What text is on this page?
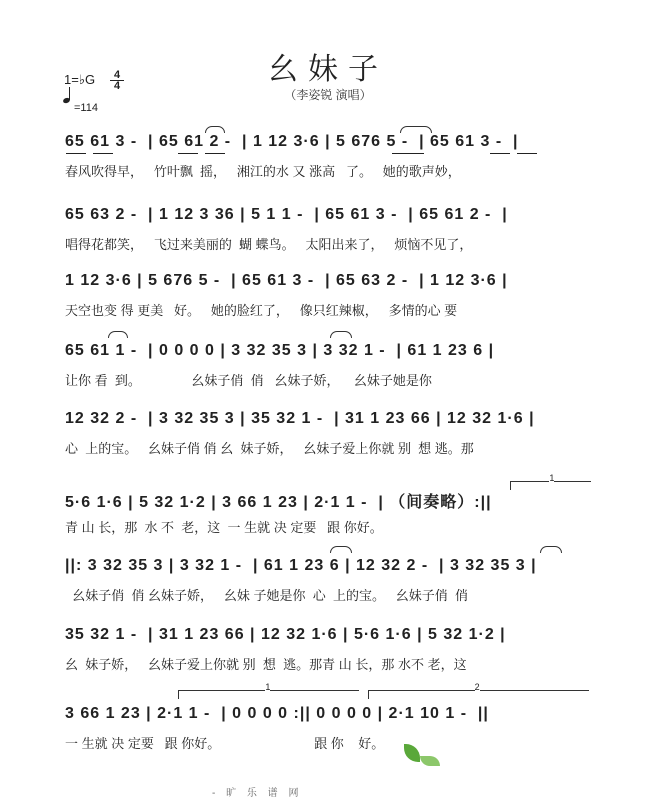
幺妹子
（李姿锐 演唱）
1=♭G	4
4
=114
65 61 3 -  | 65 61 2 -  | 1 12 3·6 | 5 676 5 -  | 65 61 3 -  |
春风吹得早，   竹叶飘  摇，   湘江的水 又 涨高   了。   她的歌声妙，
65 63 2 -  | 1 12 3 36 | 5 1 1 -  | 65 61 3 -  | 65 61 2 -  |
唱得花都笑，   飞过来美丽的  蝴 蝶鸟。   太阳出来了，   烦恼不见了，
1 12 3·6 | 5 676 5 -  | 65 61 3 -  | 65 63 2 -  | 1 12 3·6 |
天空也变 得 更美   好。   她的脸红了，   像只红辣椒，   多情的心 要
65 61 1 -  | 0 0 0 0 | 3 32 35 3 | 3 32 1 -  | 61 1 23 6 |
让你 看  到。              幺妹子俏  俏   幺妹子娇，    幺妹子她是你
12 32 2 -  | 3 32 35 3 | 35 32 1 -  | 31 1 23 66 | 12 32 1·6 |
心  上的宝。   幺妹子俏 俏 幺  妹子娇，   幺妹子爱上你就 别  想 逃。那
5·6 1·6 | 5 32 1·2 | 3 66 1 23 | 2·1 1 -  | （间奏略）:||
青 山 长，那  水 不  老，这  一 生就 决 定要   跟 你好。
||: 3 32 35 3 | 3 32 1 -  | 61 1 23 6 | 12 32 2 -  | 3 32 35 3 |
幺妹子俏  俏 幺妹子娇，   幺妹 子她是你  心  上的宝。   幺妹子俏  俏
35 32 1 -  | 31 1 23 66 | 12 32 1·6 | 5·6 1·6 | 5 32 1·2 |
幺  妹子娇，   幺妹子爱上你就 别  想  逃。那青 山 长，那 水不 老，这
3 66 1 23 | 2·1 1 -  | 0 0 0 0 :|| 0 0 0 0 | 2·1 10 1 -  ||
一 生就 决 定要   跟 你好。                          跟 你    好。
1
1	2
- 旷 乐 谱 网
